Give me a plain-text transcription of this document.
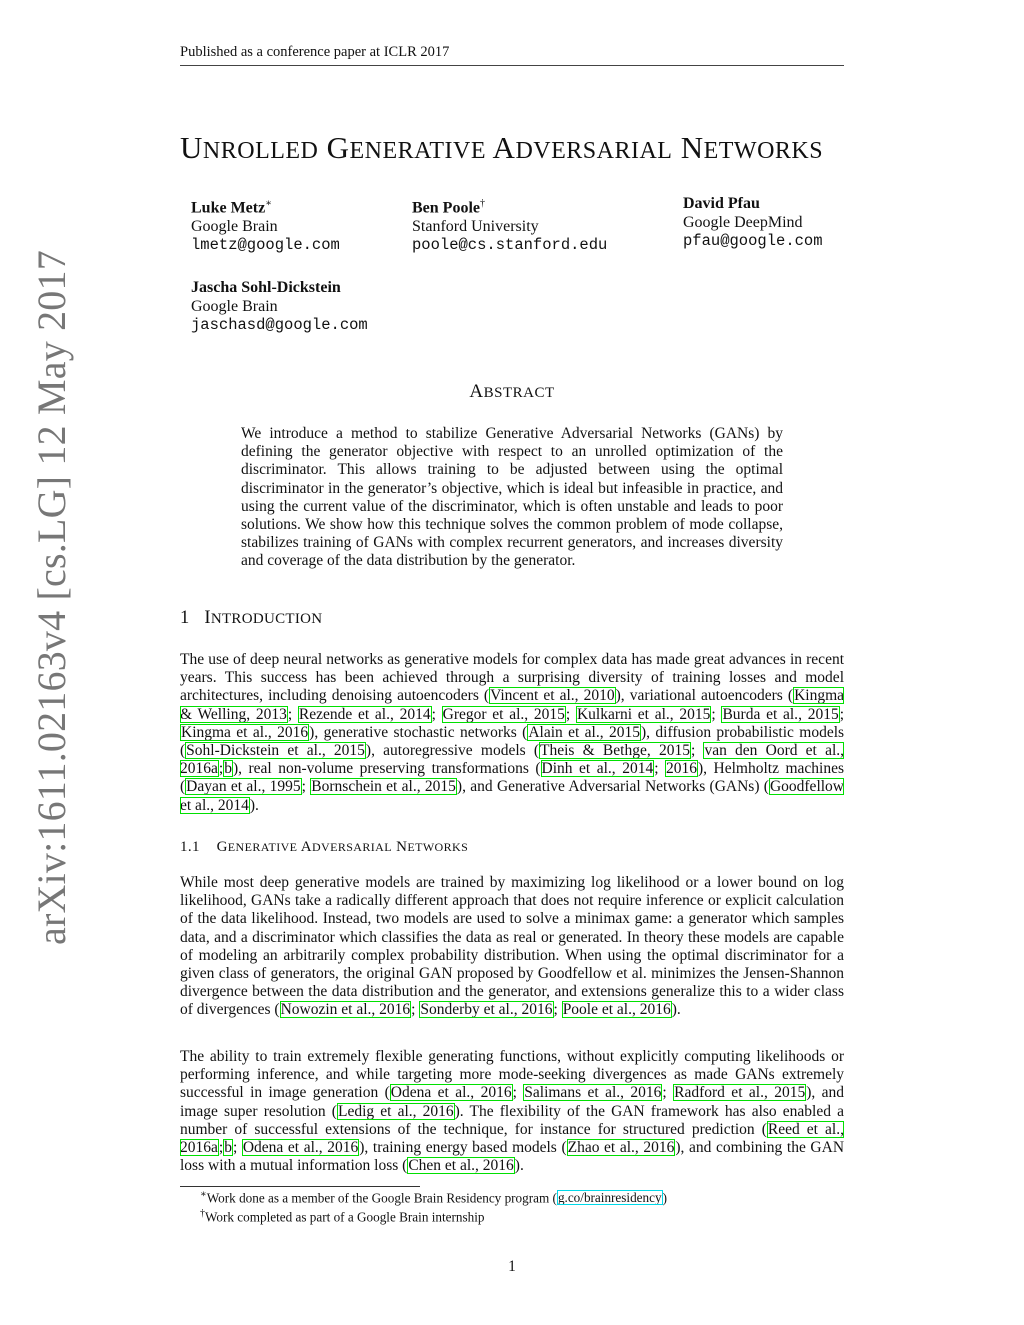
Published as a conference paper at ICLR 2017
arXiv:1611.02163v4 [cs.LG] 12 May 2017
UNROLLED GENERATIVE ADVERSARIAL NETWORKS
Luke Metz∗
Google Brain
lmetz@google.com
Ben Poole†
Stanford University
poole@cs.stanford.edu
David Pfau
Google DeepMind
pfau@google.com
Jascha Sohl-Dickstein
Google Brain
jaschasd@google.com
ABSTRACT
We introduce a method to stabilize Generative Adversarial Networks (GANs) by defining the generator objective with respect to an unrolled optimization of the discriminator. This allows training to be adjusted between using the optimal discriminator in the generator’s objective, which is ideal but infeasible in practice, and using the current value of the discriminator, which is often unstable and leads to poor solutions. We show how this technique solves the common problem of mode collapse, stabilizes training of GANs with complex recurrent generators, and increases diversity and coverage of the data distribution by the generator.
1 INTRODUCTION
The use of deep neural networks as generative models for complex data has made great advances in recent years. This success has been achieved through a surprising diversity of training losses and model architectures, including denoising autoencoders (Vincent et al., 2010), variational autoencoders (Kingma & Welling, 2013; Rezende et al., 2014; Gregor et al., 2015; Kulkarni et al., 2015; Burda et al., 2015; Kingma et al., 2016), generative stochastic networks (Alain et al., 2015), diffusion probabilistic models (Sohl-Dickstein et al., 2015), autoregressive models (Theis & Bethge, 2015; van den Oord et al., 2016a;b), real non-volume preserving transformations (Dinh et al., 2014; 2016), Helmholtz machines (Dayan et al., 1995; Bornschein et al., 2015), and Generative Adversarial Networks (GANs) (Goodfellow et al., 2014).
1.1 GENERATIVE ADVERSARIAL NETWORKS
While most deep generative models are trained by maximizing log likelihood or a lower bound on log likelihood, GANs take a radically different approach that does not require inference or explicit calculation of the data likelihood. Instead, two models are used to solve a minimax game: a generator which samples data, and a discriminator which classifies the data as real or generated. In theory these models are capable of modeling an arbitrarily complex probability distribution. When using the optimal discriminator for a given class of generators, the original GAN proposed by Goodfellow et al. minimizes the Jensen-Shannon divergence between the data distribution and the generator, and extensions generalize this to a wider class of divergences (Nowozin et al., 2016; Sonderby et al., 2016; Poole et al., 2016).
The ability to train extremely flexible generating functions, without explicitly computing likelihoods or performing inference, and while targeting more mode-seeking divergences as made GANs extremely successful in image generation (Odena et al., 2016; Salimans et al., 2016; Radford et al., 2015), and image super resolution (Ledig et al., 2016). The flexibility of the GAN framework has also enabled a number of successful extensions of the technique, for instance for structured prediction (Reed et al., 2016a;b; Odena et al., 2016), training energy based models (Zhao et al., 2016), and combining the GAN loss with a mutual information loss (Chen et al., 2016).
∗Work done as a member of the Google Brain Residency program (g.co/brainresidency)
†Work completed as part of a Google Brain internship
1
